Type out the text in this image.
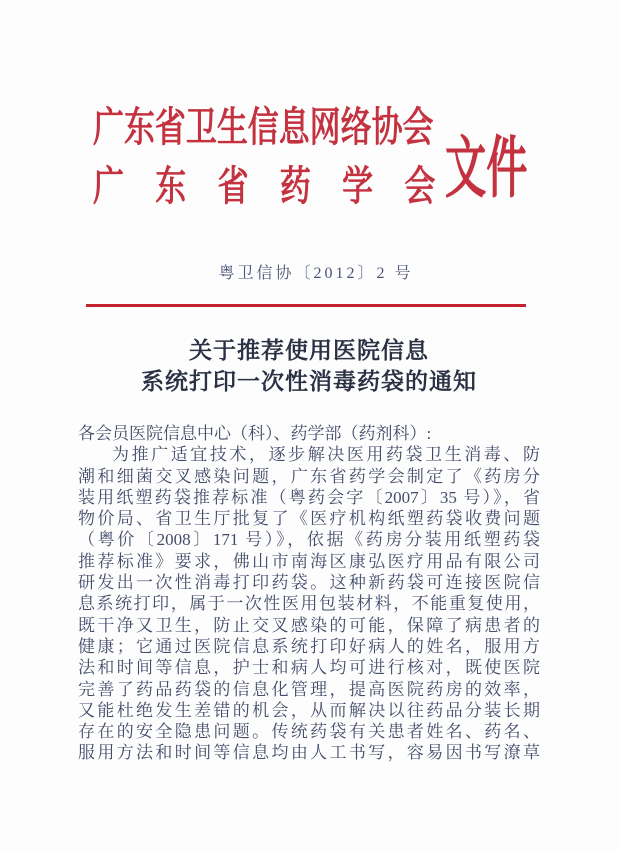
广东省卫生信息网络协会
广东省药学会
文件
粤卫信协〔2012〕2 号
关于推荐使用医院信息
系统打印一次性消毒药袋的通知
各会员医院信息中心（科）、药学部（药剂科）:
为推广适宜技术，逐步解决医用药袋卫生消毒、防
潮和细菌交叉感染问题，广东省药学会制定了《药房分
装用纸塑药袋推荐标准（粤药会字〔2007〕35 号）》，省
物价局、省卫生厅批复了《医疗机构纸塑药袋收费问题
（粤价〔2008〕171 号）》，依据《药房分装用纸塑药袋
推荐标准》要求，佛山市南海区康弘医疗用品有限公司
研发出一次性消毒打印药袋。这种新药袋可连接医院信
息系统打印，属于一次性医用包装材料，不能重复使用，
既干净又卫生，防止交叉感染的可能，保障了病患者的
健康；它通过医院信息系统打印好病人的姓名，服用方
法和时间等信息，护士和病人均可进行核对，既使医院
完善了药品药袋的信息化管理，提高医院药房的效率，
又能杜绝发生差错的机会，从而解决以往药品分装长期
存在的安全隐患问题。传统药袋有关患者姓名、药名、
服用方法和时间等信息均由人工书写，容易因书写潦草
